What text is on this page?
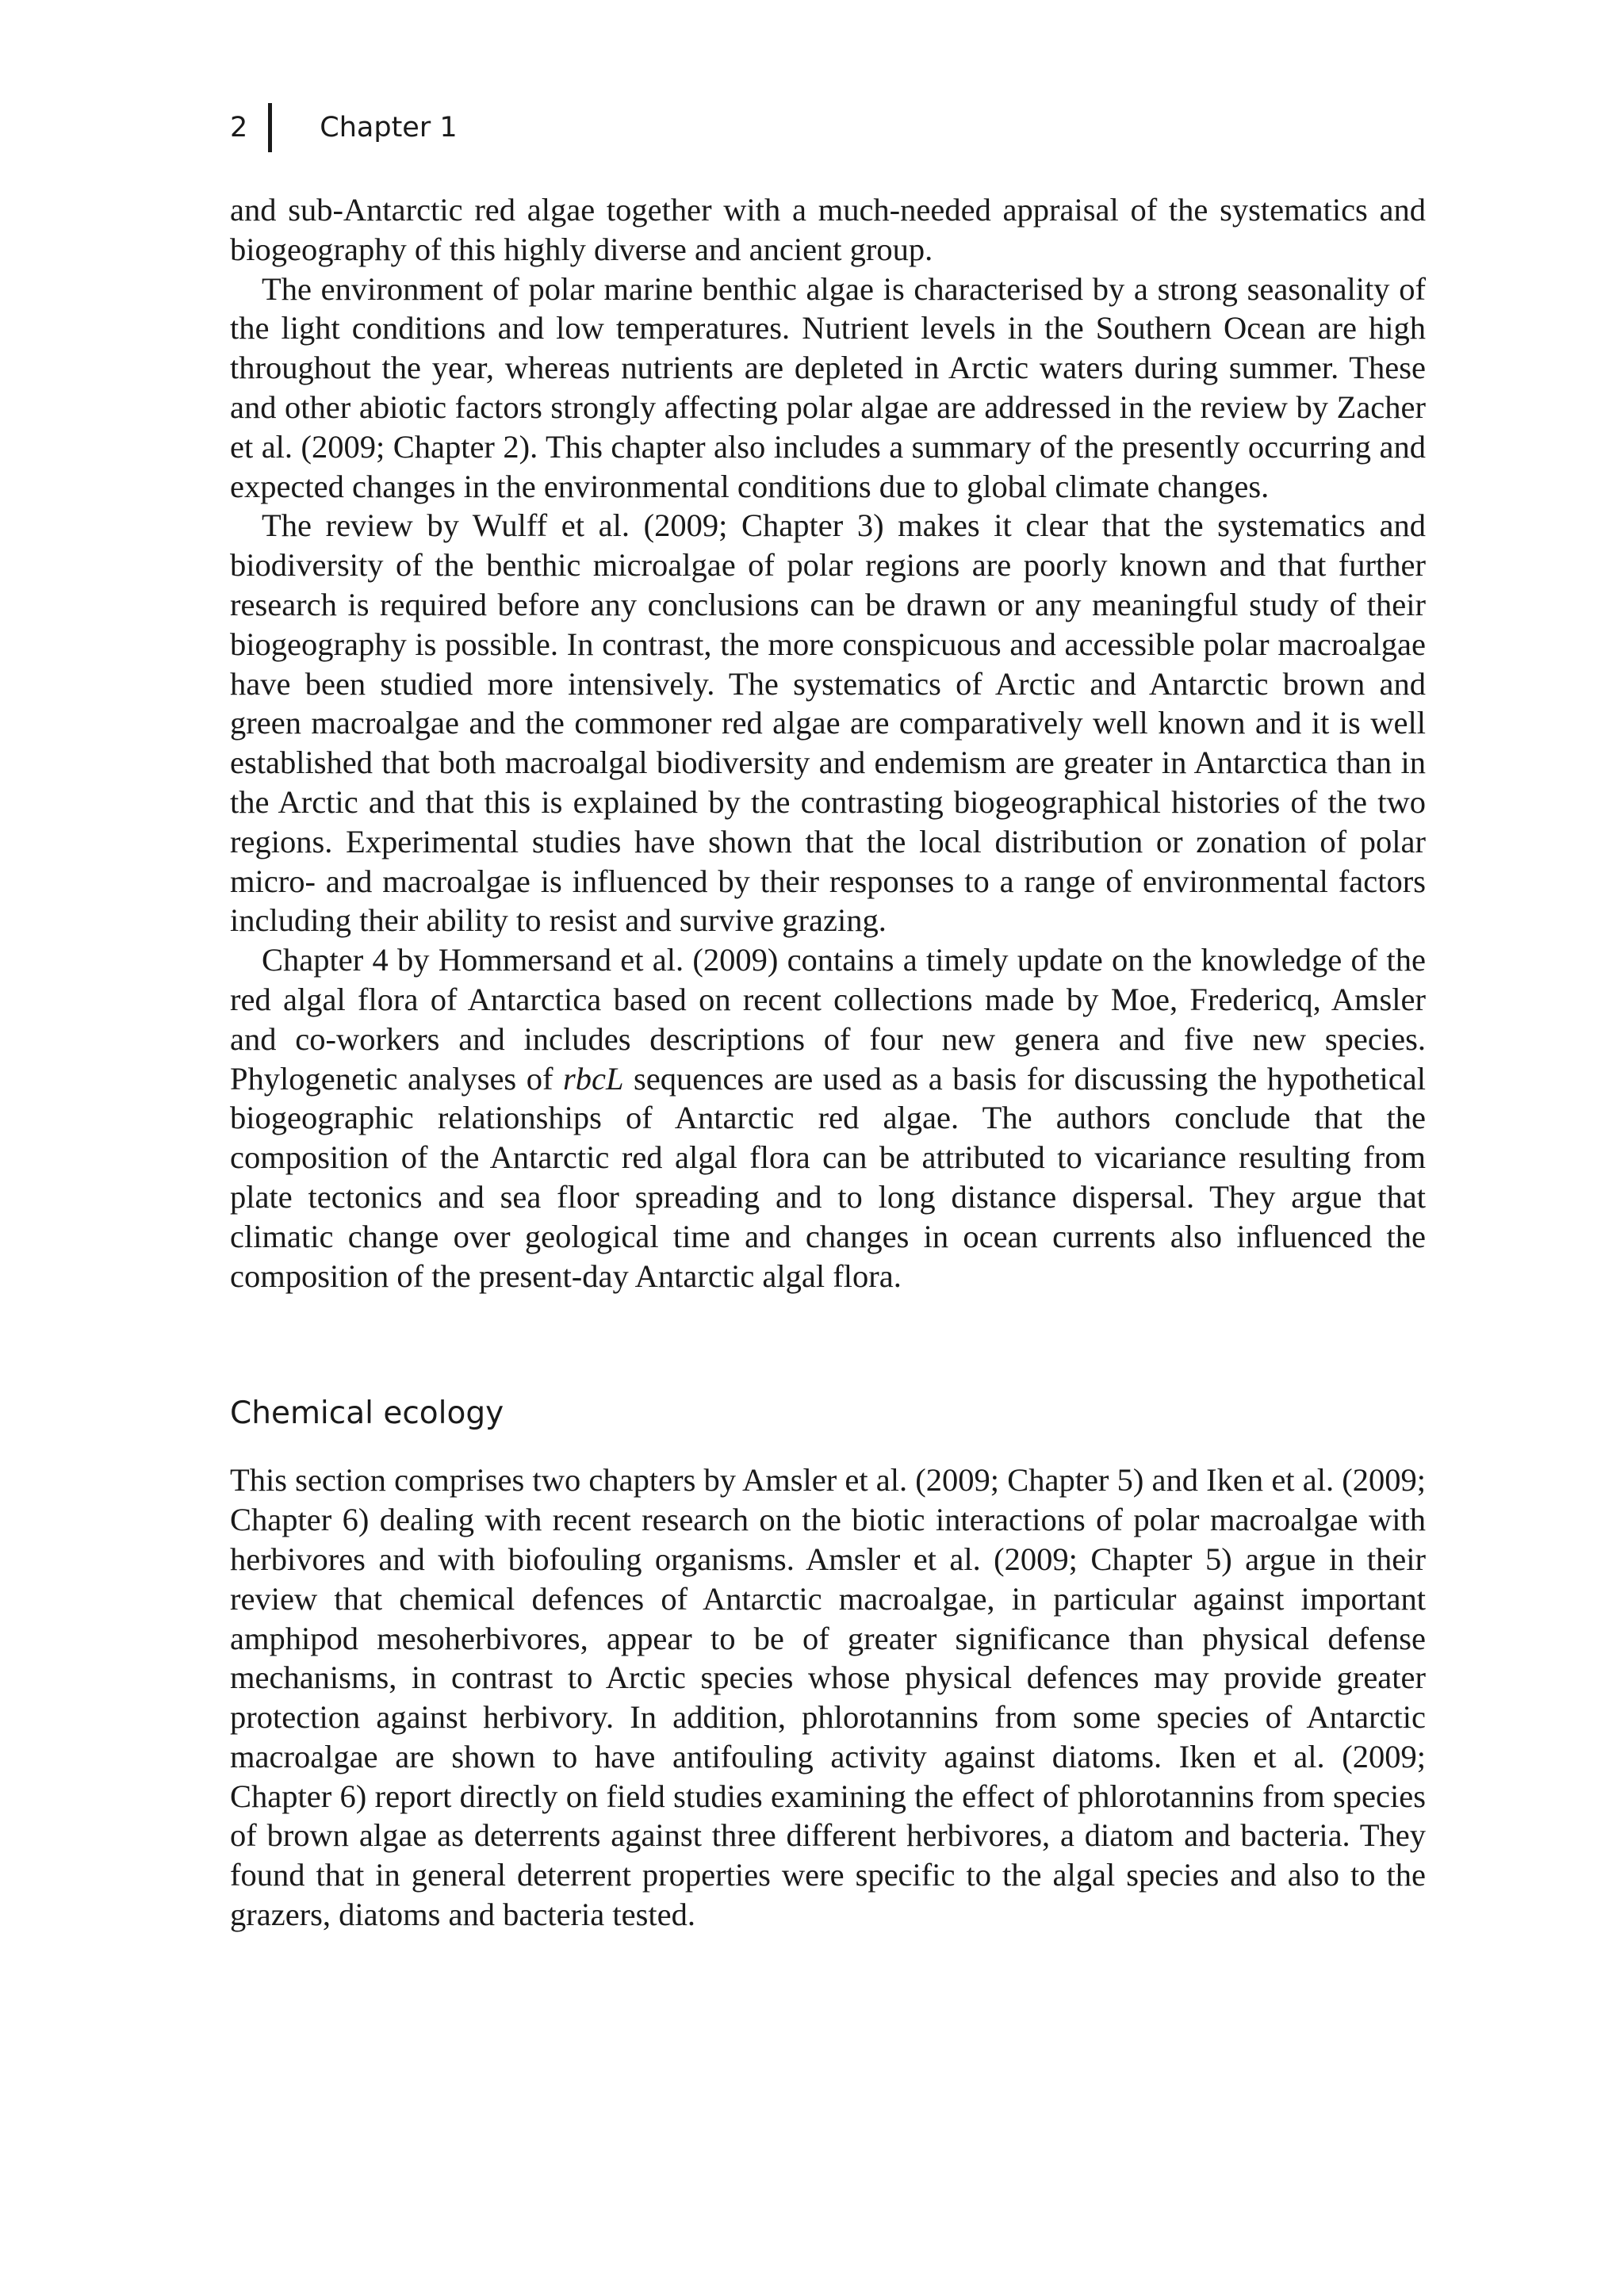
2	Chapter 1

and sub-Antarctic red algae together with a much-needed appraisal of the systematics and biogeography of this highly diverse and ancient group.

The environment of polar marine benthic algae is characterised by a strong seasonality of the light conditions and low temperatures. Nutrient levels in the Southern Ocean are high throughout the year, whereas nutrients are depleted in Arctic waters during summer. These and other abiotic factors strongly affecting polar algae are addressed in the review by Zacher et al. (2009; Chapter 2). This chapter also includes a summary of the presently occurring and expected changes in the environmental conditions due to global climate changes.

The review by Wulff et al. (2009; Chapter 3) makes it clear that the systematics and biodiversity of the benthic microalgae of polar regions are poorly known and that further research is required before any conclusions can be drawn or any meaningful study of their biogeography is possible. In contrast, the more conspicuous and accessible polar macroalgae have been studied more intensively. The systematics of Arctic and Antarctic brown and green macroalgae and the commoner red algae are comparatively well known and it is well established that both macroalgal biodiversity and endemism are greater in Antarctica than in the Arctic and that this is explained by the contrasting biogeographical histories of the two regions. Experimental studies have shown that the local distribution or zonation of polar micro- and macroalgae is influenced by their responses to a range of environmental factors including their ability to resist and survive grazing.

Chapter 4 by Hommersand et al. (2009) contains a timely update on the knowledge of the red algal flora of Antarctica based on recent collections made by Moe, Fredericq, Amsler and co-workers and includes descriptions of four new genera and five new species. Phylogenetic analyses of rbcL sequences are used as a basis for discussing the hypothetical biogeographic relationships of Antarctic red algae. The authors conclude that the composition of the Antarctic red algal flora can be attributed to vicariance resulting from plate tectonics and sea floor spreading and to long distance dispersal. They argue that climatic change over geological time and changes in ocean currents also influenced the composition of the present-day Antarctic algal flora.

Chemical ecology

This section comprises two chapters by Amsler et al. (2009; Chapter 5) and Iken et al. (2009; Chapter 6) dealing with recent research on the biotic interactions of polar macroalgae with herbivores and with biofouling organisms. Amsler et al. (2009; Chapter 5) argue in their review that chemical defences of Antarctic macroalgae, in particular against important amphipod mesoherbivores, appear to be of greater significance than physical defense mechanisms, in contrast to Arctic species whose physical defences may provide greater protection against herbivory. In addition, phlorotannins from some species of Antarctic macroalgae are shown to have antifouling activity against diatoms. Iken et al. (2009; Chapter 6) report directly on field studies examining the effect of phlorotannins from species of brown algae as deterrents against three different herbivores, a diatom and bacteria. They found that in general deterrent properties were specific to the algal species and also to the grazers, diatoms and bacteria tested.
